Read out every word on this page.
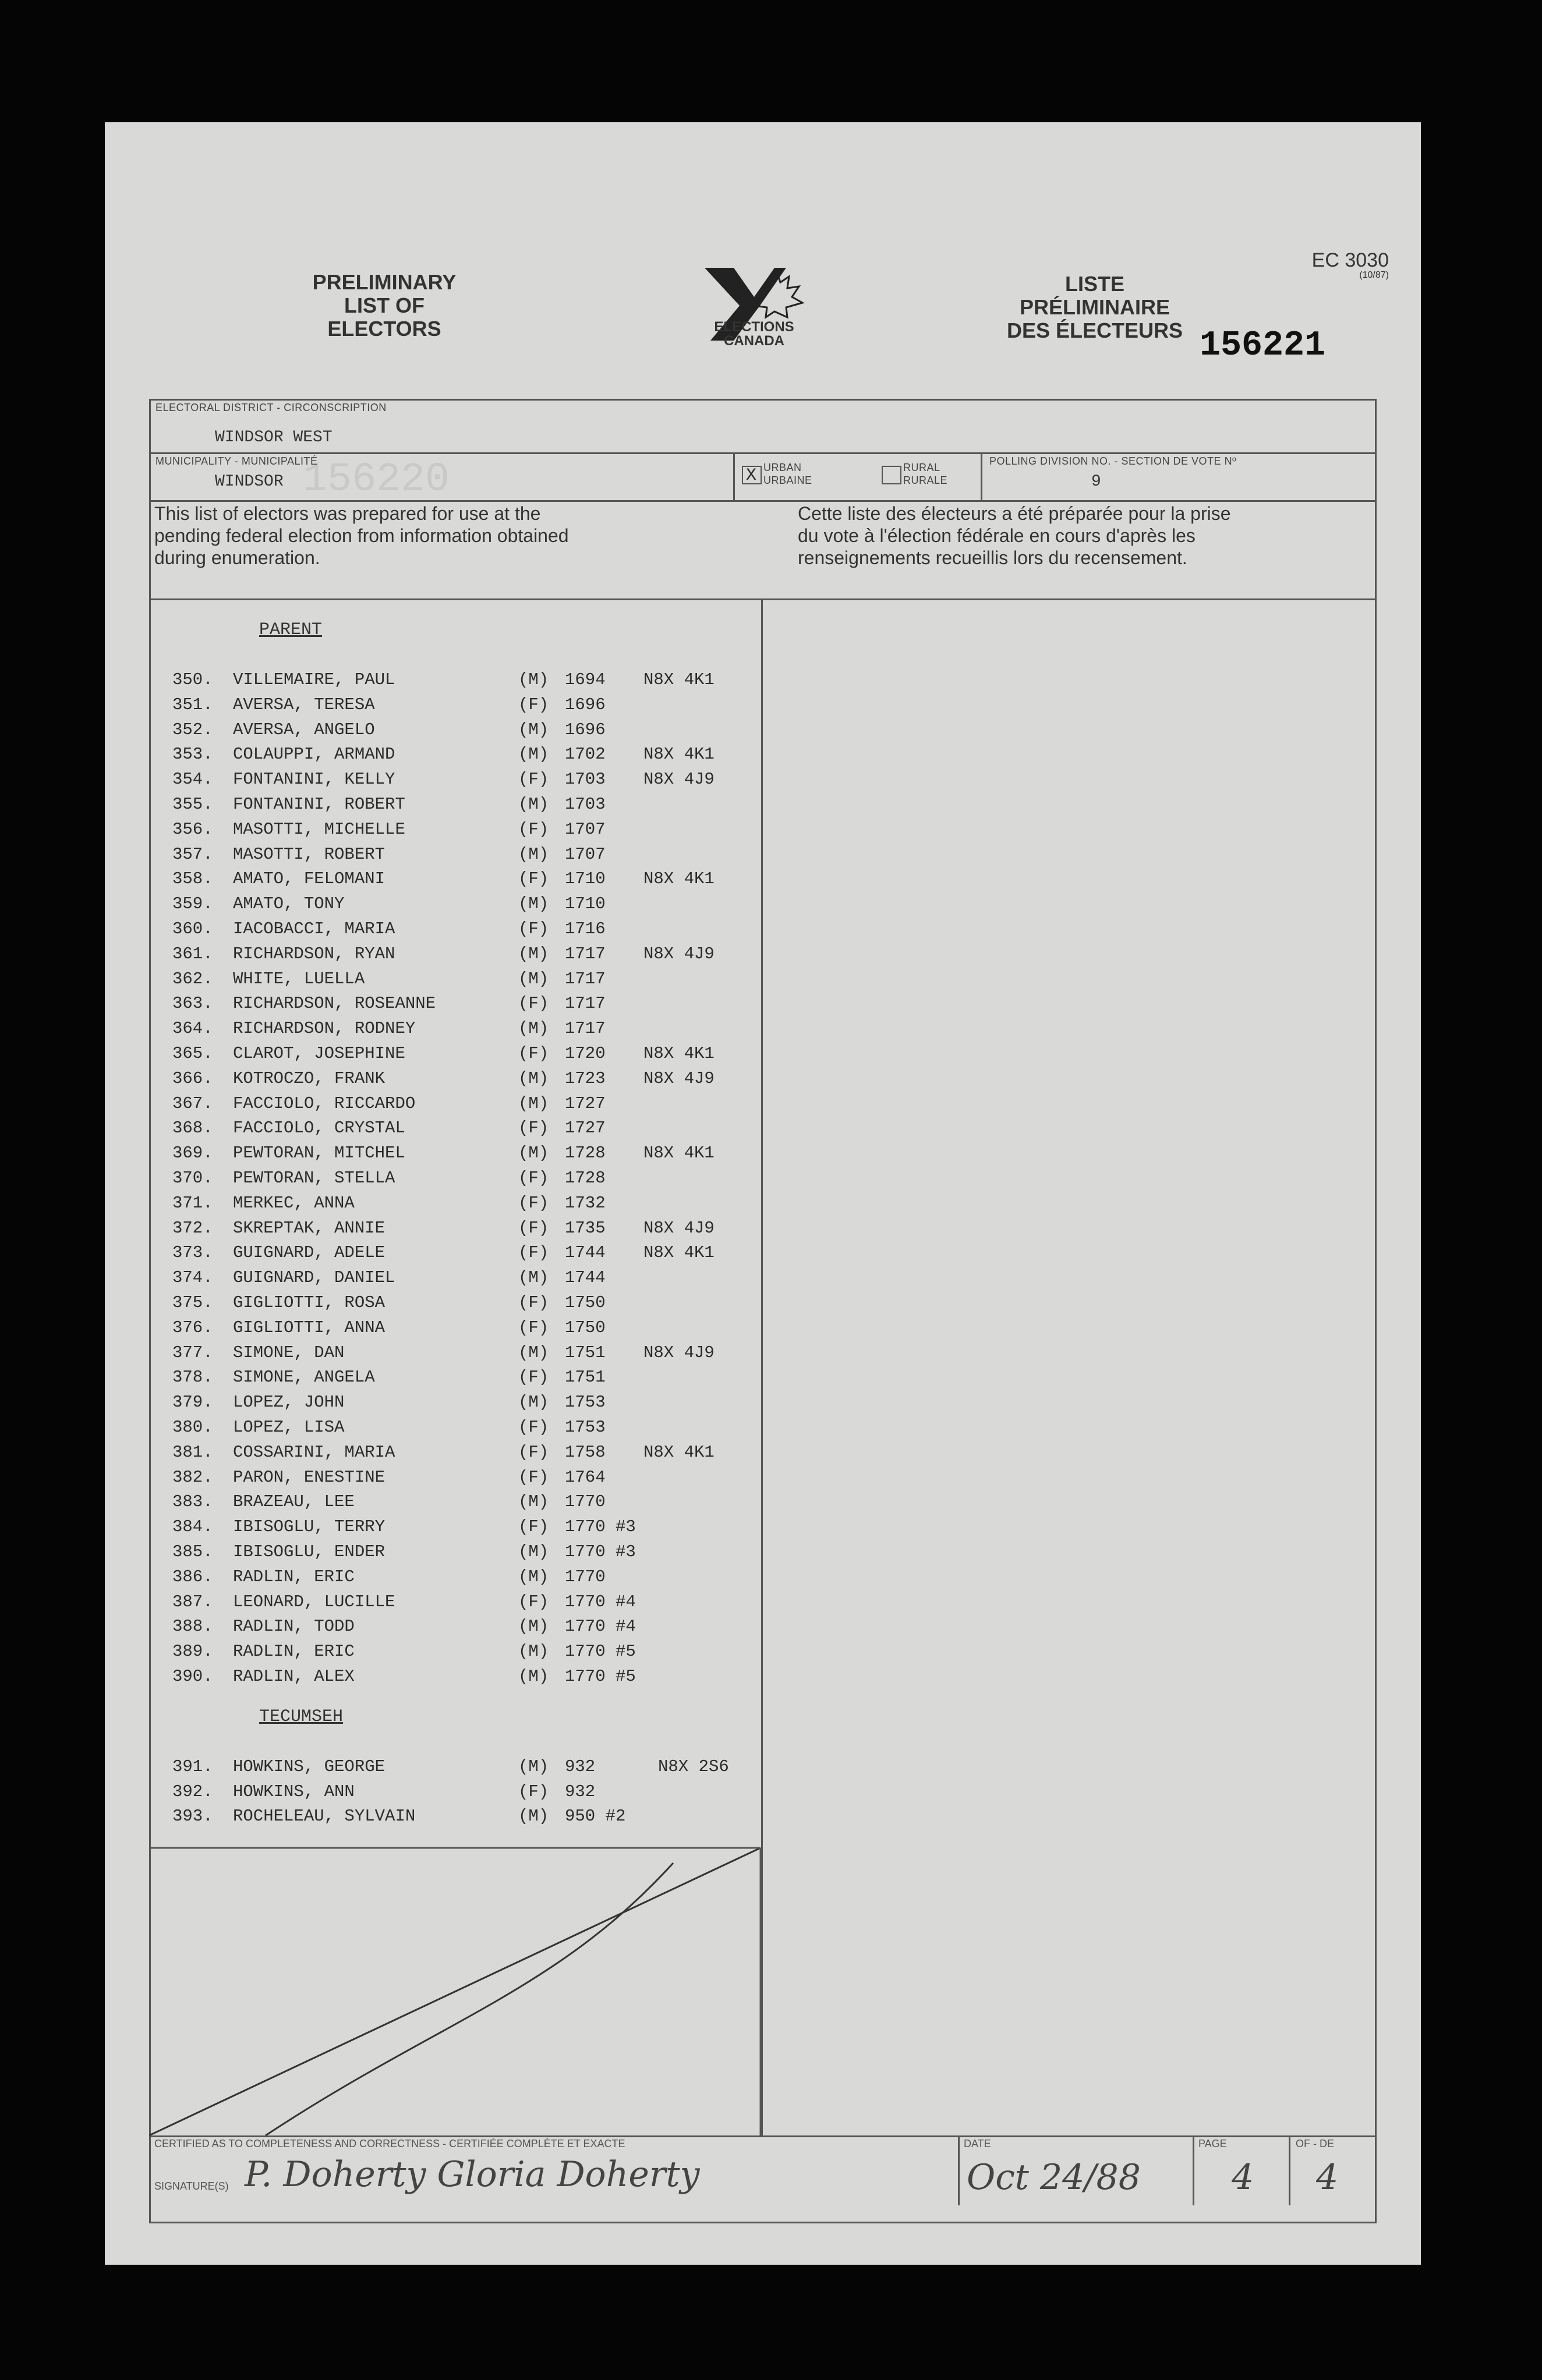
156220
PRELIMINARY
LIST OF
ELECTORS	ELECTIONS
CANADA
LISTE
PRÉLIMINAIRE
DES ÉLECTEURS
EC 3030
(10/87)
156221
ELECTORAL DISTRICT - CIRCONSCRIPTION
WINDSOR WEST
MUNICIPALITY - MUNICIPALITÉ
WINDSOR	X URBAN
URBAINE
RURAL
RURALE
POLLING DIVISION NO. - SECTION DE VOTE Nº
9
This list of electors was prepared for use at the
pending federal election from information obtained
during enumeration.
Cette liste des électeurs a été préparée pour la prise
du vote à l'élection fédérale en cours d'après les
renseignements recueillis lors du recensement.
PARENT
350. VILLEMAIRE, PAUL	(M) 1694 N8X 4K1
351. AVERSA, TERESA	(F) 1696
352. AVERSA, ANGELO	(M) 1696
353. COLAUPPI, ARMAND	(M) 1702 N8X 4K1
354. FONTANINI, KELLY	(F) 1703 N8X 4J9
355. FONTANINI, ROBERT	(M) 1703
356. MASOTTI, MICHELLE	(F) 1707
357. MASOTTI, ROBERT	(M) 1707
358. AMATO, FELOMANI	(F) 1710 N8X 4K1
359. AMATO, TONY	(M) 1710
360. IACOBACCI, MARIA	(F) 1716
361. RICHARDSON, RYAN	(M) 1717 N8X 4J9
362. WHITE, LUELLA	(M) 1717
363. RICHARDSON, ROSEANNE	(F) 1717
364. RICHARDSON, RODNEY	(M) 1717
365. CLAROT, JOSEPHINE	(F) 1720 N8X 4K1
366. KOTROCZO, FRANK	(M) 1723 N8X 4J9
367. FACCIOLO, RICCARDO	(M) 1727
368. FACCIOLO, CRYSTAL	(F) 1727
369. PEWTORAN, MITCHEL	(M) 1728 N8X 4K1
370. PEWTORAN, STELLA	(F) 1728
371. MERKEC, ANNA	(F) 1732
372. SKREPTAK, ANNIE	(F) 1735 N8X 4J9
373. GUIGNARD, ADELE	(F) 1744 N8X 4K1
374. GUIGNARD, DANIEL	(M) 1744
375. GIGLIOTTI, ROSA	(F) 1750
376. GIGLIOTTI, ANNA	(F) 1750
377. SIMONE, DAN	(M) 1751 N8X 4J9
378. SIMONE, ANGELA	(F) 1751
379. LOPEZ, JOHN	(M) 1753
380. LOPEZ, LISA	(F) 1753
381. COSSARINI, MARIA	(F) 1758 N8X 4K1
382. PARON, ENESTINE	(F) 1764
383. BRAZEAU, LEE	(M) 1770
384. IBISOGLU, TERRY	(F) 1770 #3
385. IBISOGLU, ENDER	(M) 1770 #3
386. RADLIN, ERIC	(M) 1770
387. LEONARD, LUCILLE	(F) 1770 #4
388. RADLIN, TODD	(M) 1770 #4
389. RADLIN, ERIC	(M) 1770 #5
390. RADLIN, ALEX	(M) 1770 #5
TECUMSEH
391. HOWKINS, GEORGE	(M) 932	N8X 2S6
392. HOWKINS, ANN	(F) 932
393. ROCHELEAU, SYLVAIN	(M) 950 #2
CERTIFIED AS TO COMPLETENESS AND CORRECTNESS - CERTIFIÉE COMPLÈTE ET EXACTE
SIGNATURE(S) P. Doherty Gloria Doherty
DATE
Oct 24/88
PAGE
4
OF - DE
4
